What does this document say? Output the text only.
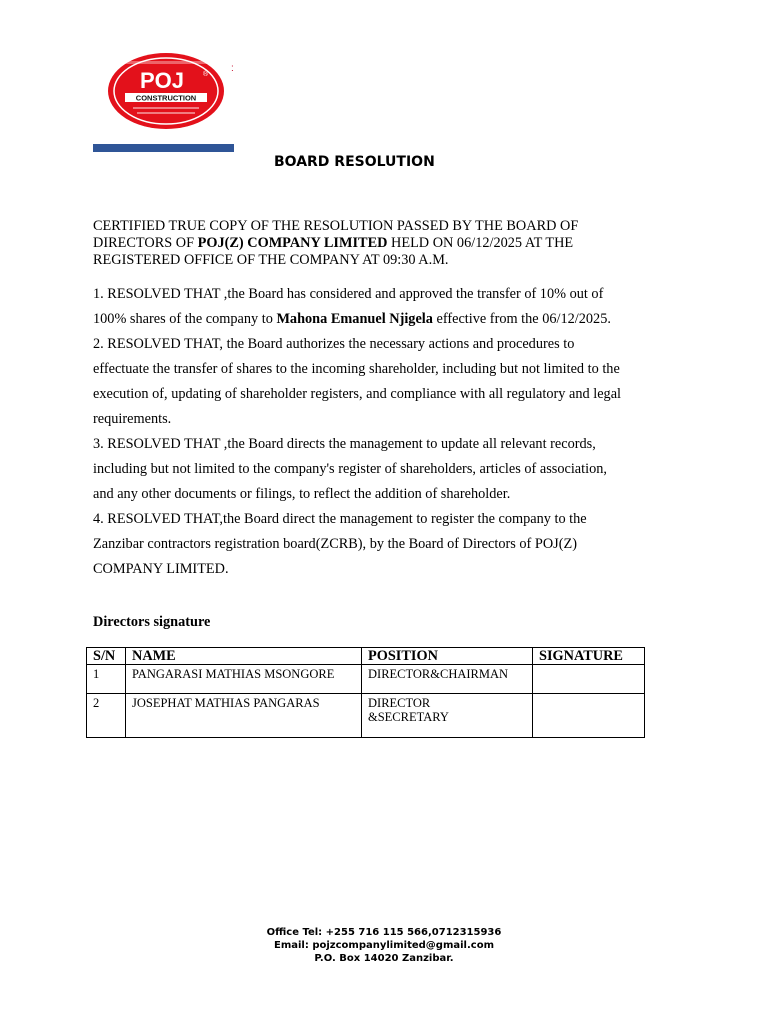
POJ	®
CONSTRUCTION
:
BOARD RESOLUTION
CERTIFIED TRUE COPY OF THE RESOLUTION PASSED BY THE BOARD OF
DIRECTORS OF POJ(Z) COMPANY LIMITED HELD ON 06/12/2025 AT THE
REGISTERED OFFICE OF THE COMPANY AT 09:30 A.M.
1. RESOLVED THAT ,the Board has considered and approved the transfer of 10% out of
100% shares of the company to Mahona Emanuel Njigela effective from the 06/12/2025.
2. RESOLVED THAT, the Board authorizes the necessary actions and procedures to
effectuate the transfer of shares to the incoming shareholder, including but not limited to the
execution of, updating of shareholder registers, and compliance with all regulatory and legal
requirements.
3. RESOLVED THAT ,the Board directs the management to update all relevant records,
including but not limited to the company's register of shareholders, articles of association,
and any other documents or filings, to reflect the addition of shareholder.
4. RESOLVED THAT,the Board direct the management to register the company to the
Zanzibar contractors registration board(ZCRB), by the Board of Directors of POJ(Z)
COMPANY LIMITED.
Directors signature
S/N	NAME	POSITION	SIGNATURE
1	PANGARASI MATHIAS MSONGORE	DIRECTOR&CHAIRMAN	

2	JOSEPHAT MATHIAS PANGARAS	DIRECTOR
&SECRETARY	

Office Tel: +255 716 115 566,0712315936
Email: pojzcompanylimited@gmail.com
P.O. Box 14020 Zanzibar.
